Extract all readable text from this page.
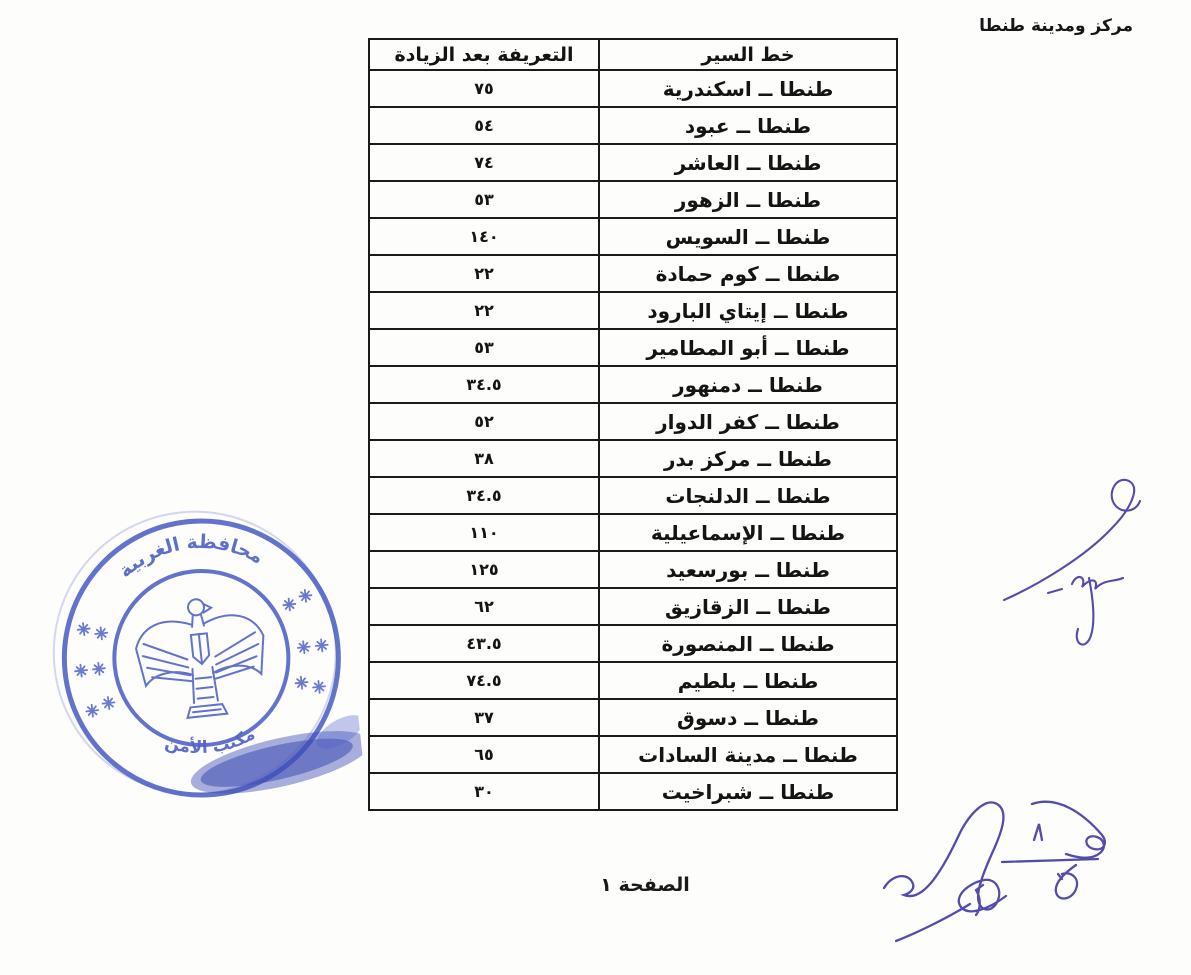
مركز ومدينة طنطا
خط السير	التعريفة بعد الزيادة
طنطا ــ اسكندرية	٧٥
طنطا ــ عبود	٥٤
طنطا ــ العاشر	٧٤
طنطا ــ الزهور	٥٣
طنطا ــ السويس	١٤٠
طنطا ــ كوم حمادة	٢٢
طنطا ــ إيتاي البارود	٢٢
طنطا ــ أبو المطامير	٥٣
طنطا ــ دمنهور	٣٤.٥
طنطا ــ كفر الدوار	٥٢
طنطا ــ مركز بدر	٣٨
طنطا ــ الدلنجات	٣٤.٥
طنطا ــ الإسماعيلية	١١٠
طنطا ــ بورسعيد	١٢٥
طنطا ــ الزقازيق	٦٢
طنطا ــ المنصورة	٤٣.٥
طنطا ــ بلطيم	٧٤.٥
طنطا ــ دسوق	٣٧
طنطا ــ مدينة السادات	٦٥
طنطا ــ شبراخيت	٣٠
الصفحة ١
محافظة الغربية
مكتب الأمن
